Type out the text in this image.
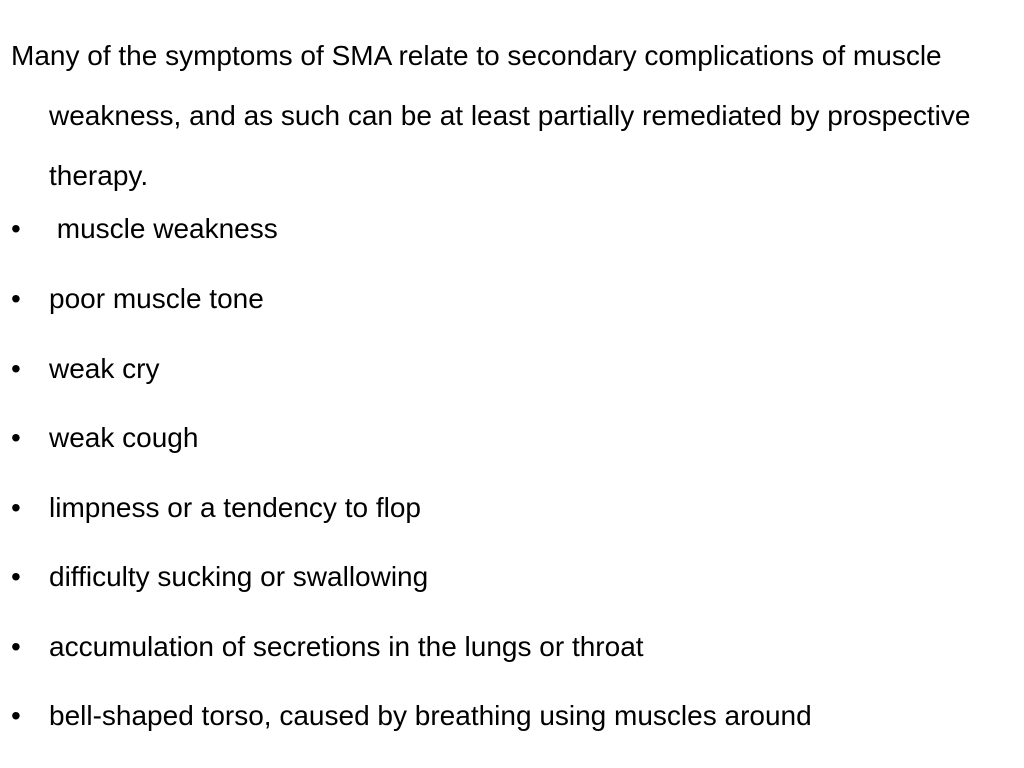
Many of the symptoms of SMA relate to secondary complications of muscle weakness, and as such can be at least partially remediated by prospective therapy.

• muscle weakness
• poor muscle tone
• weak cry
• weak cough
• limpness or a tendency to flop
• difficulty sucking or swallowing
• accumulation of secretions in the lungs or throat
• bell-shaped torso, caused by breathing using muscles around
